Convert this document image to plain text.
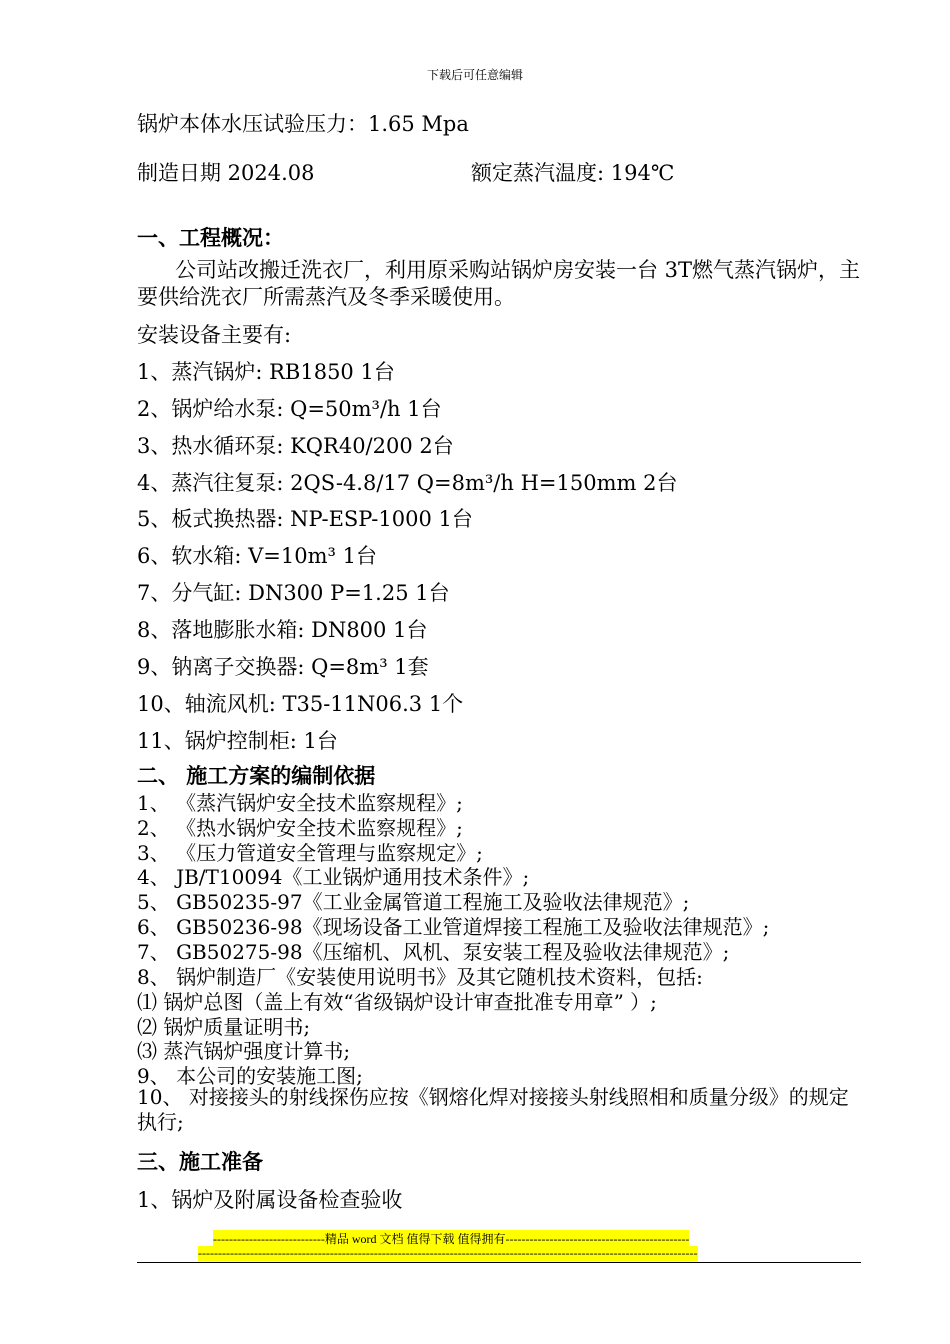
下载后可任意编辑
锅炉本体水压试验压力：1.65 Mpa
制造日期 2024.08	额定蒸汽温度: 194℃
一、工程概况：
公司站改搬迁洗衣厂，利用原采购站锅炉房安装一台 3T燃气蒸汽锅炉，主要供给洗衣厂所需蒸汽及冬季采暖使用。
安装设备主要有:
1、蒸汽锅炉: RB1850 1台
2、锅炉给水泵: Q=50m³/h 1台
3、热水循环泵: KQR40/200 2台
4、蒸汽往复泵: 2QS-4.8/17 Q=8m³/h H=150mm 2台
5、板式换热器: NP-ESP-1000 1台
6、软水箱: V=10m³ 1台
7、分气缸: DN300 P=1.25 1台
8、落地膨胀水箱: DN800 1台
9、钠离子交换器: Q=8m³ 1套
10、轴流风机: T35-11N06.3 1个
11、锅炉控制柜: 1台
二、 施工方案的编制依据
1、 《蒸汽锅炉安全技术监察规程》;
2、 《热水锅炉安全技术监察规程》;
3、 《压力管道安全管理与监察规定》;
4、 JB/T10094《工业锅炉通用技术条件》;
5、 GB50235-97《工业金属管道工程施工及验收法律规范》;
6、 GB50236-98《现场设备工业管道焊接工程施工及验收法律规范》;
7、 GB50275-98《压缩机、风机、泵安装工程及验收法律规范》;
8、 锅炉制造厂《安装使用说明书》及其它随机技术资料，包括:
⑴ 锅炉总图（盖上有效“省级锅炉设计审查批准专用章” ）;
⑵ 锅炉质量证明书;
⑶ 蒸汽锅炉强度计算书;
9、 本公司的安装施工图;
10、 对接接头的射线探伤应按《钢熔化焊对接接头射线照相和质量分级》的规定执行;
三、施工准备
1、锅炉及附属设备检查验收
----------------------------精品 word 文档 值得下载 值得拥有----------------------------------------------
-----------------------------------------------------------------------------------------------------------------------------
